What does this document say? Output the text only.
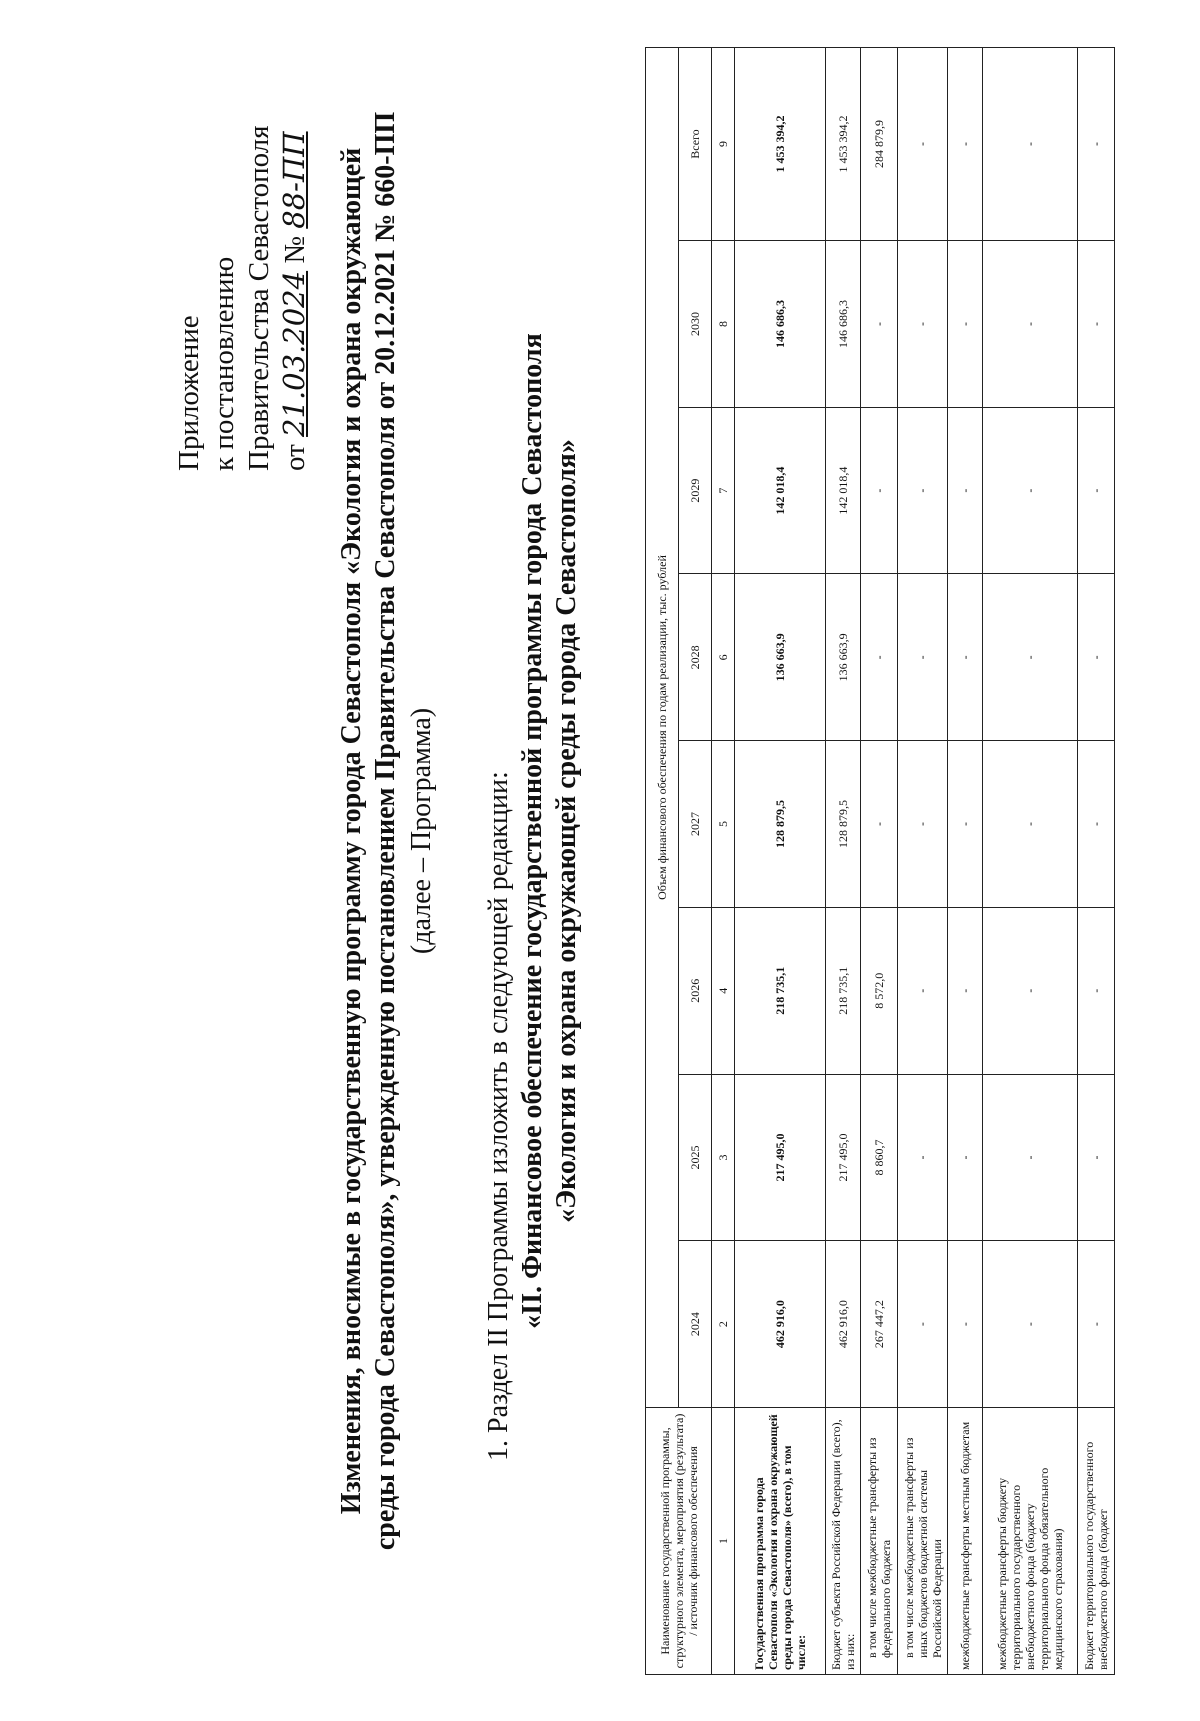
Приложение к постановлению Правительства Севастополя от 21.03.2024 № 88-ПП Изменения, вносимые в государственную программу города Севастополя «Экология и охрана окружающей среды города Севастополя», утвержденную постановлением Правительства Севастополя от 20.12.2021 № 660-ПП (далее – Программа) 1. Раздел II Программы изложить в следующей редакции: «II. Финансовое обеспечение государственной программы города Севастополя «Экология и охрана окружающей среды города Севастополя»
Наименование государственной программы, структурного элемента, мероприятия (результата) / источник финансового обеспечения	Объем финансового обеспечения по годам реализации, тыс. рублей							
	2024	2025	2026	2027	2028	2029	2030	Всего
1	2	3	4	5	6	7	8	9
Государственная программа города Севастополя «Экология и охрана окружающей среды города Севастополя» (всего), в том числе:	462 916,0	217 495,0	218 735,1	128 879,5	136 663,9	142 018,4	146 686,3	1 453 394,2
Бюджет субъекта Российской Федерации (всего), из них:	462 916,0	217 495,0	218 735,1	128 879,5	136 663,9	142 018,4	146 686,3	1 453 394,2
в том числе межбюджетные трансферты из федерального бюджета	267 447,2	8 860,7	8 572,0	-	-	-	-	284 879,9
в том числе межбюджетные трансферты из иных бюджетов бюджетной системы Российской Федерации	-	-	-	-	-	-	-	-
межбюджетные трансферты местным бюджетам	-	-	-	-	-	-	-	-
межбюджетные трансферты бюджету территориального государственного внебюджетного фонда (бюджету территориального фонда обязательного медицинского страхования)	-	-	-	-	-	-	-	-
Бюджет территориального государственного внебюджетного фонда (бюджет	-	-	-	-	-	-	-	-
